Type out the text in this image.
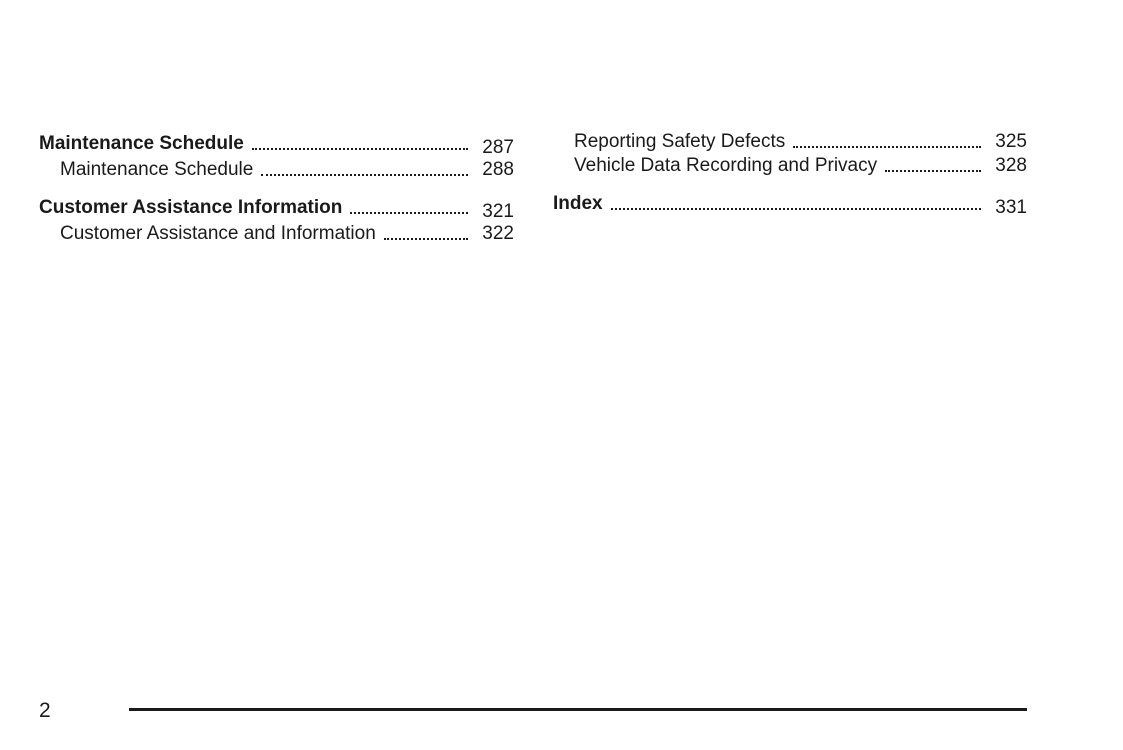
Maintenance Schedule	287
Maintenance Schedule	288
Customer Assistance Information	321
Customer Assistance and Information	322
Reporting Safety Defects	325
Vehicle Data Recording and Privacy	328
Index	331
2
